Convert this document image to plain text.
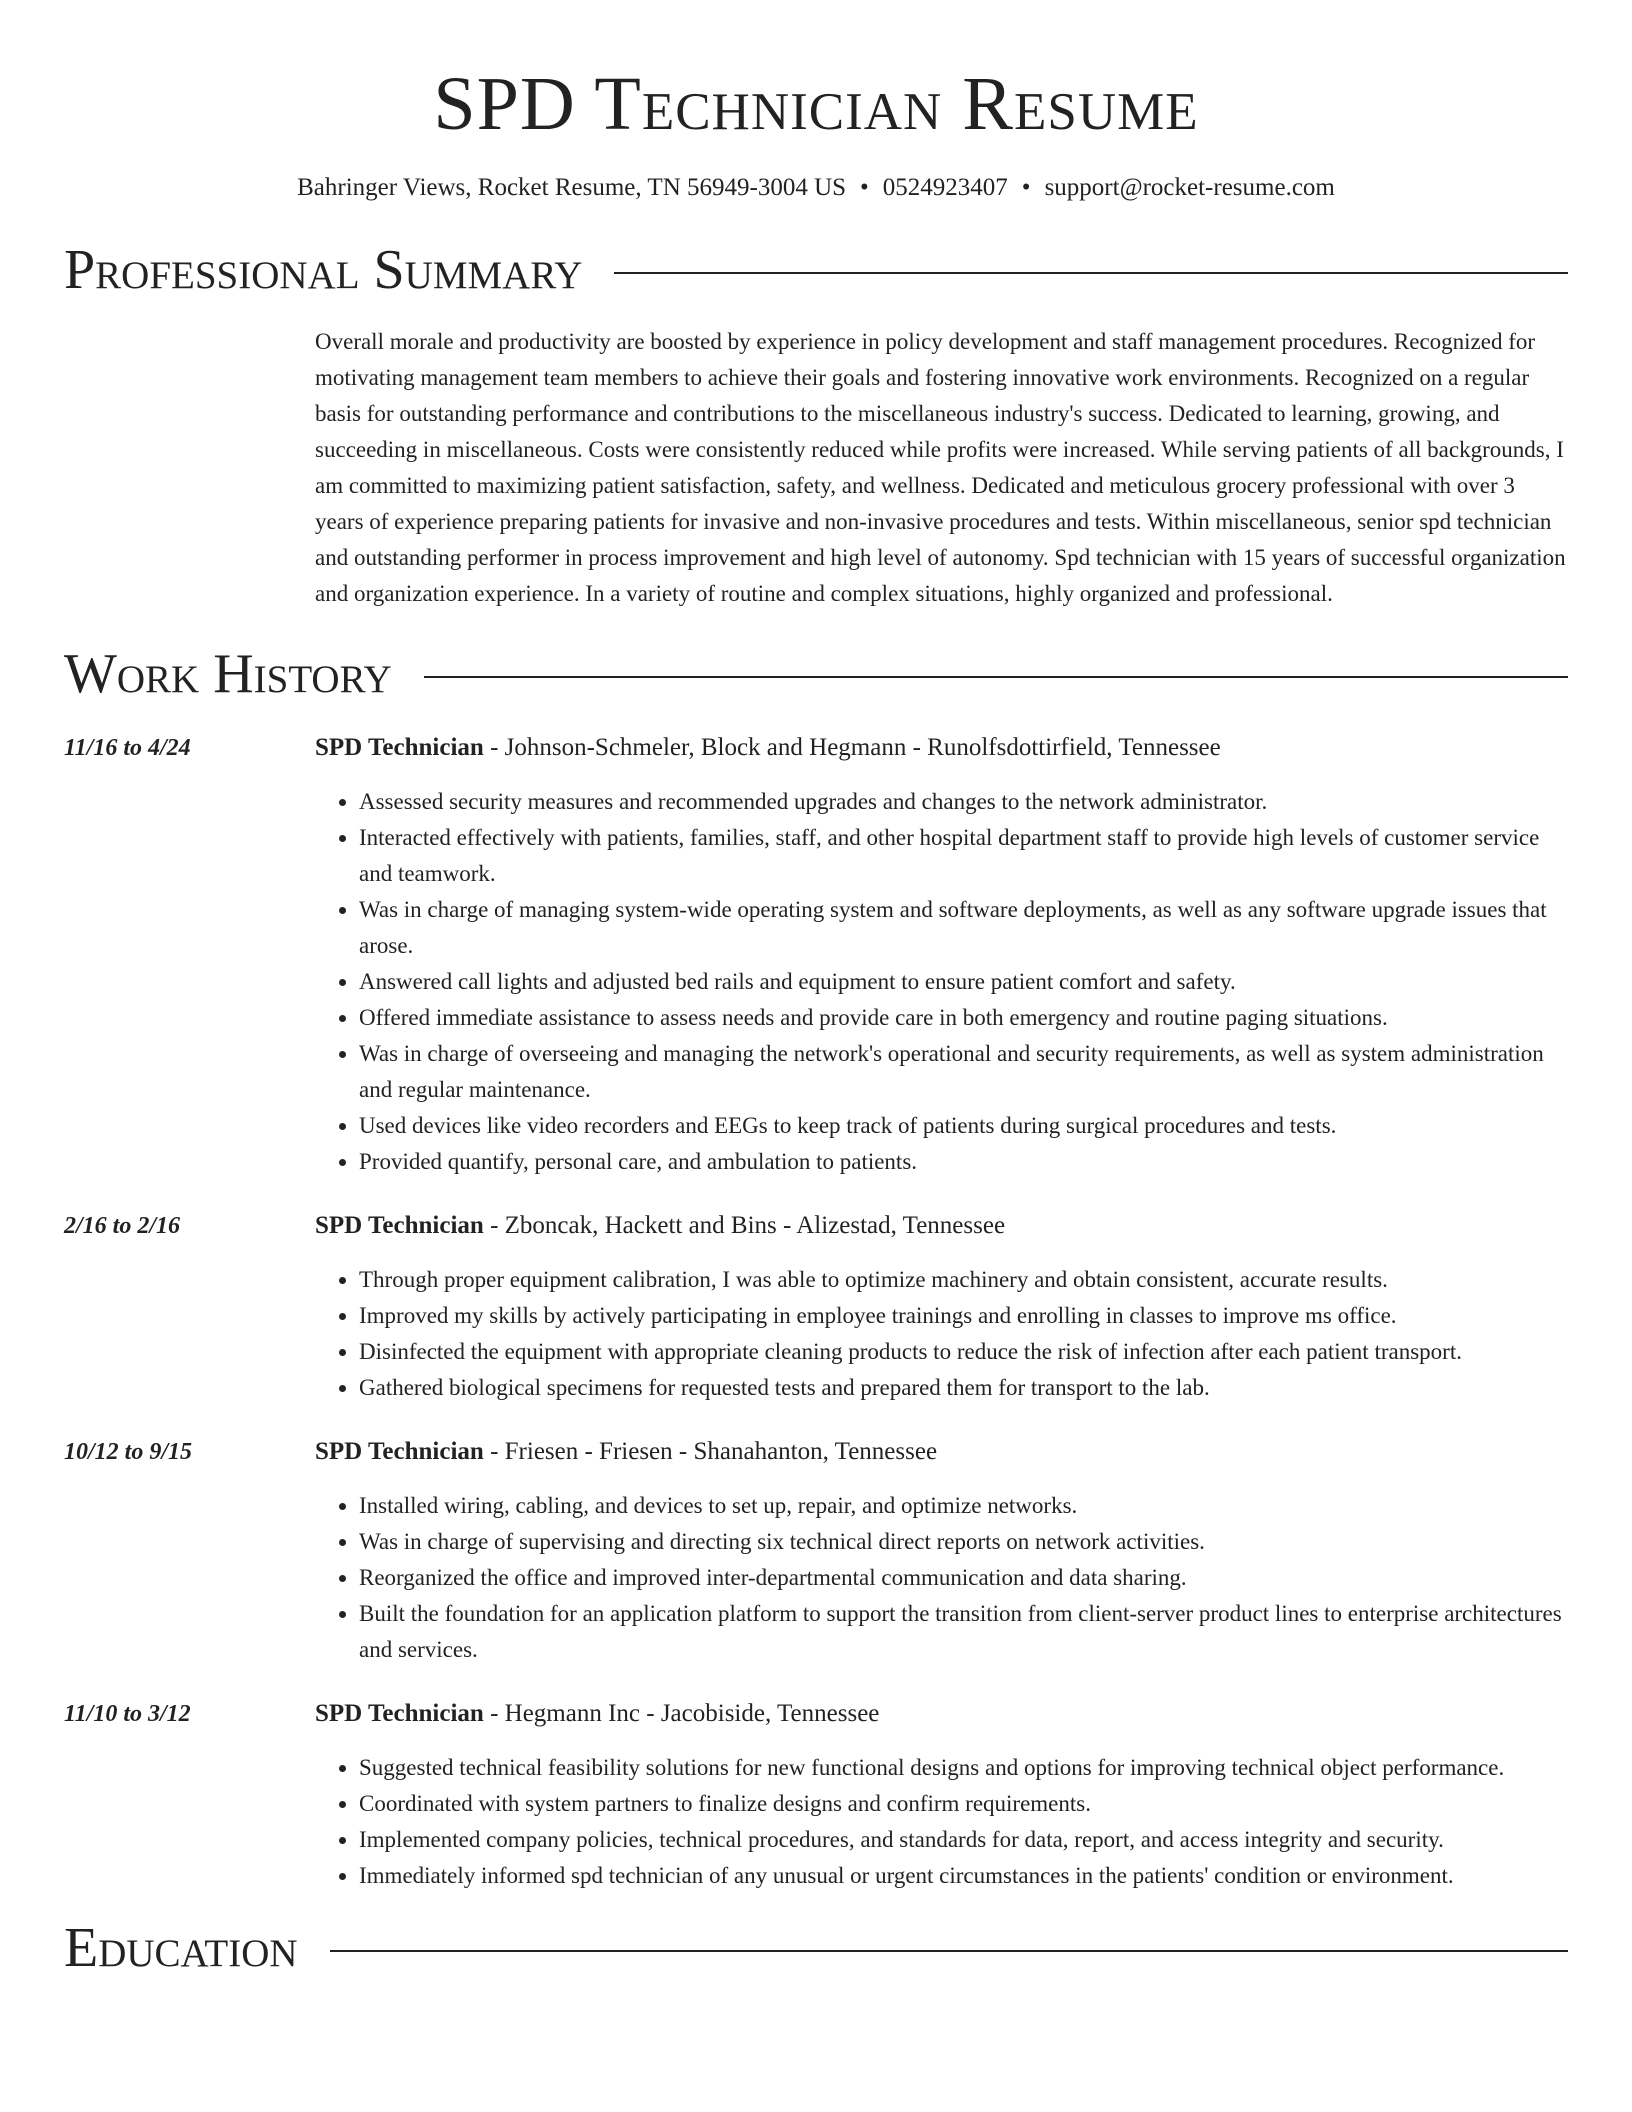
SPD Technician Resume
Bahringer Views, Rocket Resume, TN 56949-3004 US • 0524923407 • support@rocket-resume.com
Professional Summary
Overall morale and productivity are boosted by experience in policy development and staff management procedures. Recognized for motivating management team members to achieve their goals and fostering innovative work environments. Recognized on a regular basis for outstanding performance and contributions to the miscellaneous industry's success. Dedicated to learning, growing, and succeeding in miscellaneous. Costs were consistently reduced while profits were increased. While serving patients of all backgrounds, I am committed to maximizing patient satisfaction, safety, and wellness. Dedicated and meticulous grocery professional with over 3 years of experience preparing patients for invasive and non-invasive procedures and tests. Within miscellaneous, senior spd technician and outstanding performer in process improvement and high level of autonomy. Spd technician with 15 years of successful organization and organization experience. In a variety of routine and complex situations, highly organized and professional.
Work History
11/16 to 4/24	SPD Technician - Johnson-Schmeler, Block and Hegmann - Runolfsdottirfield, Tennessee
• Assessed security measures and recommended upgrades and changes to the network administrator.
• Interacted effectively with patients, families, staff, and other hospital department staff to provide high levels of customer service and teamwork.
• Was in charge of managing system-wide operating system and software deployments, as well as any software upgrade issues that arose.
• Answered call lights and adjusted bed rails and equipment to ensure patient comfort and safety.
• Offered immediate assistance to assess needs and provide care in both emergency and routine paging situations.
• Was in charge of overseeing and managing the network's operational and security requirements, as well as system administration and regular maintenance.
• Used devices like video recorders and EEGs to keep track of patients during surgical procedures and tests.
• Provided quantify, personal care, and ambulation to patients.
2/16 to 2/16	SPD Technician - Zboncak, Hackett and Bins - Alizestad, Tennessee
• Through proper equipment calibration, I was able to optimize machinery and obtain consistent, accurate results.
• Improved my skills by actively participating in employee trainings and enrolling in classes to improve ms office.
• Disinfected the equipment with appropriate cleaning products to reduce the risk of infection after each patient transport.
• Gathered biological specimens for requested tests and prepared them for transport to the lab.
10/12 to 9/15	SPD Technician - Friesen - Friesen - Shanahanton, Tennessee
• Installed wiring, cabling, and devices to set up, repair, and optimize networks.
• Was in charge of supervising and directing six technical direct reports on network activities.
• Reorganized the office and improved inter-departmental communication and data sharing.
• Built the foundation for an application platform to support the transition from client-server product lines to enterprise architectures and services.
11/10 to 3/12	SPD Technician - Hegmann Inc - Jacobiside, Tennessee
• Suggested technical feasibility solutions for new functional designs and options for improving technical object performance.
• Coordinated with system partners to finalize designs and confirm requirements.
• Implemented company policies, technical procedures, and standards for data, report, and access integrity and security.
• Immediately informed spd technician of any unusual or urgent circumstances in the patients' condition or environment.
Education
